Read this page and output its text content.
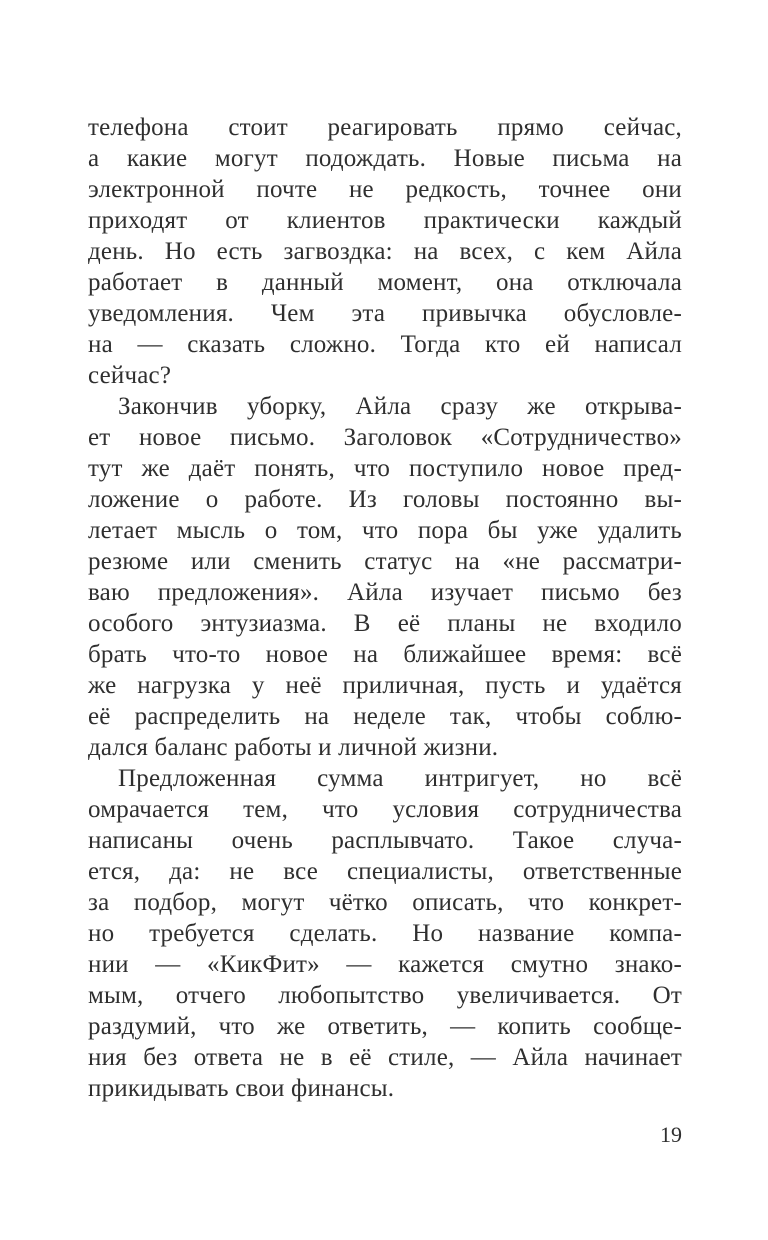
телефона стоит реагировать прямо сейчас,
а какие могут подождать. Новые письма на
электронной почте не редкость, точнее они
приходят от клиентов практически каждый
день. Но есть загвоздка: на всех, с кем Айла
работает в данный момент, она отключала
уведомления. Чем эта привычка обусловле-
на — сказать сложно. Тогда кто ей написал
сейчас?
Закончив уборку, Айла сразу же открыва-
ет новое письмо. Заголовок «Сотрудничество»
тут же даёт понять, что поступило новое пред-
ложение о работе. Из головы постоянно вы-
летает мысль о том, что пора бы уже удалить
резюме или сменить статус на «не рассматри-
ваю предложения». Айла изучает письмо без
особого энтузиазма. В её планы не входило
брать что-то новое на ближайшее время: всё
же нагрузка у неё приличная, пусть и удаётся
её распределить на неделе так, чтобы соблю-
дался баланс работы и личной жизни.
Предложенная сумма интригует, но всё
омрачается тем, что условия сотрудничества
написаны очень расплывчато. Такое случа-
ется, да: не все специалисты, ответственные
за подбор, могут чётко описать, что конкрет-
но требуется сделать. Но название компа-
нии — «КикФит» — кажется смутно знако-
мым, отчего любопытство увеличивается. От
раздумий, что же ответить, — копить сообще-
ния без ответа не в её стиле, — Айла начинает
прикидывать свои финансы.
19
